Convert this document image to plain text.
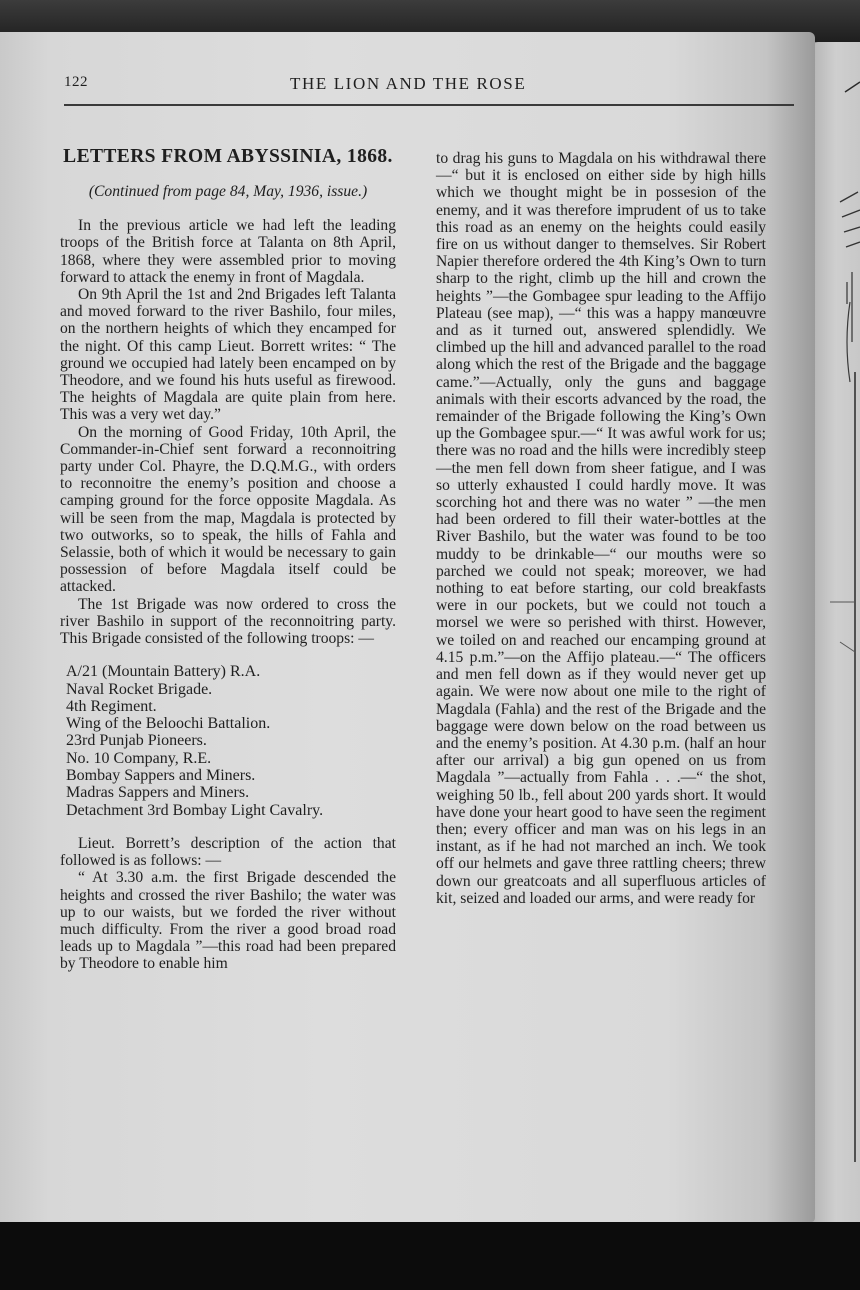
122	THE LION AND THE ROSE
LETTERS FROM ABYSSINIA, 1868.
(Continued from page 84, May, 1936, issue.)

In the previous article we had left the leading troops of the British force at Talanta on 8th April, 1868, where they were assembled prior to moving forward to attack the enemy in front of Magdala.

On 9th April the 1st and 2nd Brigades left Talanta and moved forward to the river Bashilo, four miles, on the northern heights of which they encamped for the night. Of this camp Lieut. Borrett writes: “ The ground we occupied had lately been encamped on by Theodore, and we found his huts useful as firewood. The heights of Magdala are quite plain from here. This was a very wet day.”

On the morning of Good Friday, 10th April, the Commander-in-Chief sent forward a reconnoitring party under Col. Phayre, the D.Q.M.G., with orders to reconnoitre the enemy’s position and choose a camping ground for the force opposite Magdala. As will be seen from the map, Magdala is protected by two outworks, so to speak, the hills of Fahla and Selassie, both of which it would be necessary to gain possession of before Magdala itself could be attacked.

The 1st Brigade was now ordered to cross the river Bashilo in support of the reconnoitring party. This Brigade consisted of the following troops: —

A/21 (Mountain Battery) R.A.
Naval Rocket Brigade.
4th Regiment.
Wing of the Beloochi Battalion.
23rd Punjab Pioneers.
No. 10 Company, R.E.
Bombay Sappers and Miners.
Madras Sappers and Miners.
Detachment 3rd Bombay Light Cavalry.

Lieut. Borrett’s description of the action that followed is as follows: —

“ At 3.30 a.m. the first Brigade descended the heights and crossed the river Bashilo; the water was up to our waists, but we forded the river without much difficulty. From the river a good broad road leads up to Magdala ”—this road had been prepared by Theodore to enable him

to drag his guns to Magdala on his withdrawal there—“ but it is enclosed on either side by high hills which we thought might be in possesion of the enemy, and it was therefore imprudent of us to take this road as an enemy on the heights could easily fire on us without danger to themselves. Sir Robert Napier therefore ordered the 4th King’s Own to turn sharp to the right, climb up the hill and crown the heights ”—the Gombagee spur leading to the Affijo Plateau (see map), —“ this was a happy manœuvre and as it turned out, answered splendidly. We climbed up the hill and advanced parallel to the road along which the rest of the Brigade and the baggage came.”—Actually, only the guns and baggage animals with their escorts advanced by the road, the remainder of the Brigade following the King’s Own up the Gombagee spur.—“ It was awful work for us; there was no road and the hills were incredibly steep—the men fell down from sheer fatigue, and I was so utterly exhausted I could hardly move. It was scorching hot and there was no water ” —the men had been ordered to fill their water-bottles at the River Bashilo, but the water was found to be too muddy to be drinkable—“ our mouths were so parched we could not speak; moreover, we had nothing to eat before starting, our cold breakfasts were in our pockets, but we could not touch a morsel we were so perished with thirst. However, we toiled on and reached our encamping ground at 4.15 p.m.”—on the Affijo plateau.—“ The officers and men fell down as if they would never get up again. We were now about one mile to the right of Magdala (Fahla) and the rest of the Brigade and the baggage were down below on the road between us and the enemy’s position. At 4.30 p.m. (half an hour after our arrival) a big gun opened on us from Magdala ”—actually from Fahla . . .—“ the shot, weighing 50 lb., fell about 200 yards short. It would have done your heart good to have seen the regiment then; every officer and man was on his legs in an instant, as if he had not marched an inch. We took off our helmets and gave three rattling cheers; threw down our greatcoats and all superfluous articles of kit, seized and loaded our arms, and were ready for
